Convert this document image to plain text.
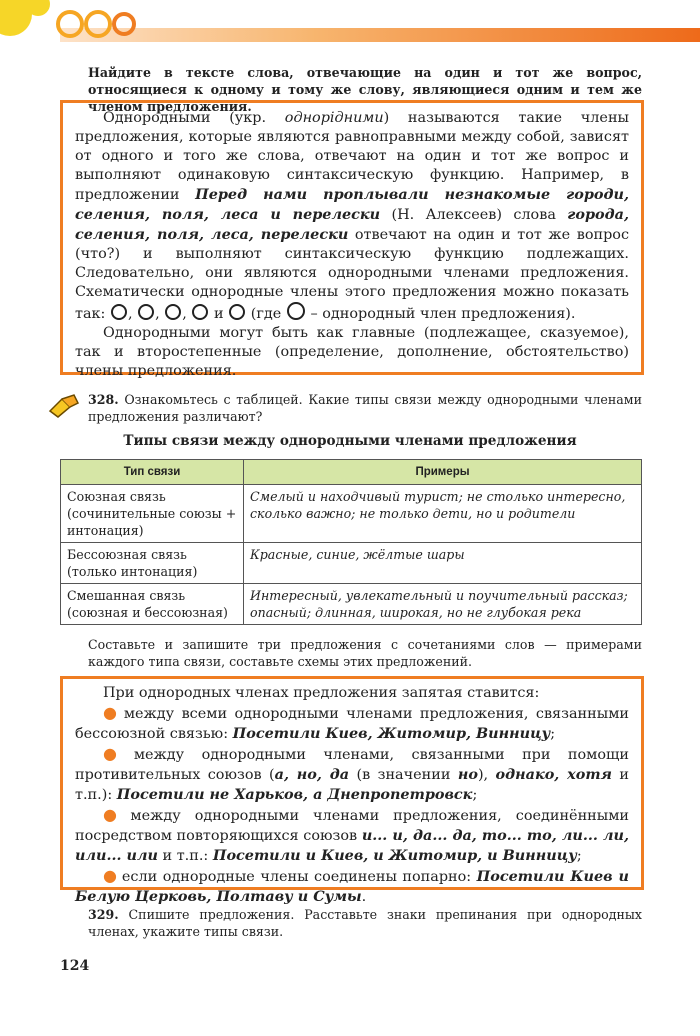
Найдите в тексте слова, отвечающие на один и тот же вопрос, относящиеся к одному и тому же слову, являющиеся одним и тем же членом предложения.

Однородными (укр. однорідними) называются такие члены предложения, которые являются равноправными между собой, зависят от одного и того же слова, отвечают на один и тот же вопрос и выполняют одинаковую синтаксическую функцию. Например, в предложении Перед нами проплывали незнакомые городи, селения, поля, леса и перелески (Н. Алексеев) слова города, селения, поля, леса, перелески отвечают на один и тот же вопрос (что?) и выполняют синтаксическую функцию подлежащих. Следовательно, они являются однородными членами предложения. Схематически однородные члены этого предложения можно показать так: , , ,  и (где – однородный член предложения).

Однородными могут быть как главные (подлежащее, сказуемое), так и второстепенные (определение, дополнение, обстоятельство) члены предложения.

328. Ознакомьтесь с таблицей. Какие типы связи между однородными членами предложения различают?
Типы связи между однородными членами предложения
Тип связи	Примеры
Союзная связь (сочинительные союзы + интонация)	Смелый и находчивый турист; не столько интересно, сколько важно; не только дети, но и родители
Бессоюзная связь (только интонация)	Красные, синие, жёлтые шары
Смешанная связь (союзная и бессоюзная)	Интересный, увлекательный и поучительный рассказ; опасный; длинная, широкая, но не глубокая река
Составьте и запишите три предложения с сочетаниями слов — примерами каждого типа связи, составьте схемы этих предложений.

При однородных членах предложения запятая ставится:

● между всеми однородными членами предложения, связанными бессоюзной связью: Посетили Киев, Житомир, Винницу;

● между однородными членами, связанными при помощи противительных союзов (а, но, да (в значении но), однако, хотя и т.п.): Посетили не Харьков, а Днепропетровск;

● между однородными членами предложения, соединёнными посредством повторяющихся союзов и... и, да... да, то... то, ли... ли, или... или и т.п.: Посетили и Киев, и Житомир, и Винницу;

● если однородные члены соединены попарно: Посетили Киев и Белую Церковь, Полтаву и Сумы.

329. Спишите предложения. Расставьте знаки препинания при однородных членах, укажите типы связи.
124
